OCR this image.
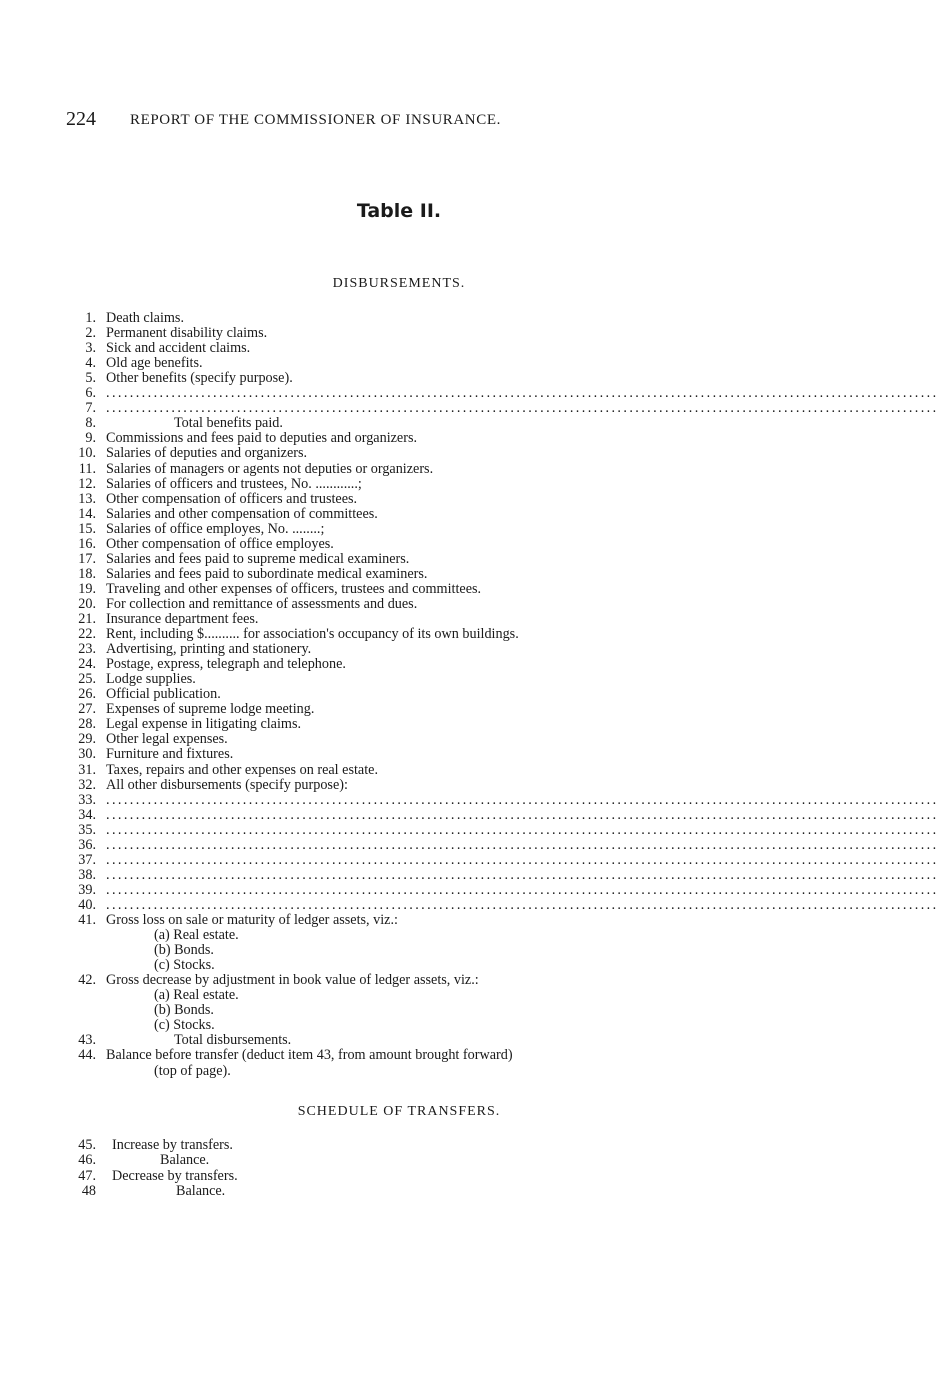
224 REPORT OF THE COMMISSIONER OF INSURANCE.
Table II.
DISBURSEMENTS.
1. Death claims.
2. Permanent disability claims.
3. Sick and accident claims.
4. Old age benefits.
5. Other benefits (specify purpose).
6. ............................................................................................................................................
7. ............................................................................................................................................
8.	Total benefits paid.
9. Commissions and fees paid to deputies and organizers.
10. Salaries of deputies and organizers.
11. Salaries of managers or agents not deputies or organizers.
12. Salaries of officers and trustees, No. ............;
13. Other compensation of officers and trustees.
14. Salaries and other compensation of committees.
15. Salaries of office employes, No. ........;
16. Other compensation of office employes.
17. Salaries and fees paid to supreme medical examiners.
18. Salaries and fees paid to subordinate medical examiners.
19. Traveling and other expenses of officers, trustees and committees.
20. For collection and remittance of assessments and dues.
21. Insurance department fees.
22. Rent, including $.......... for association's occupancy of its own buildings.
23. Advertising, printing and stationery.
24. Postage, express, telegraph and telephone.
25. Lodge supplies.
26. Official publication.
27. Expenses of supreme lodge meeting.
28. Legal expense in litigating claims.
29. Other legal expenses.
30. Furniture and fixtures.
31. Taxes, repairs and other expenses on real estate.
32. All other disbursements (specify purpose):
33. ............................................................................................................................................
34. ............................................................................................................................................
35. ............................................................................................................................................
36. ............................................................................................................................................
37. ............................................................................................................................................
38. ............................................................................................................................................
39. ............................................................................................................................................
40. ............................................................................................................................................
41. Gross loss on sale or maturity of ledger assets, viz.:
(a) Real estate.
(b) Bonds.
(c) Stocks.
42. Gross decrease by adjustment in book value of ledger assets, viz.:
(a) Real estate.
(b) Bonds.
(c) Stocks.
43.	Total disbursements.
44. Balance before transfer (deduct item 43, from amount brought forward)
(top of page).
SCHEDULE OF TRANSFERS.
45. Increase by transfers.
46.	Balance.
47. Decrease by transfers.
48	Balance.
